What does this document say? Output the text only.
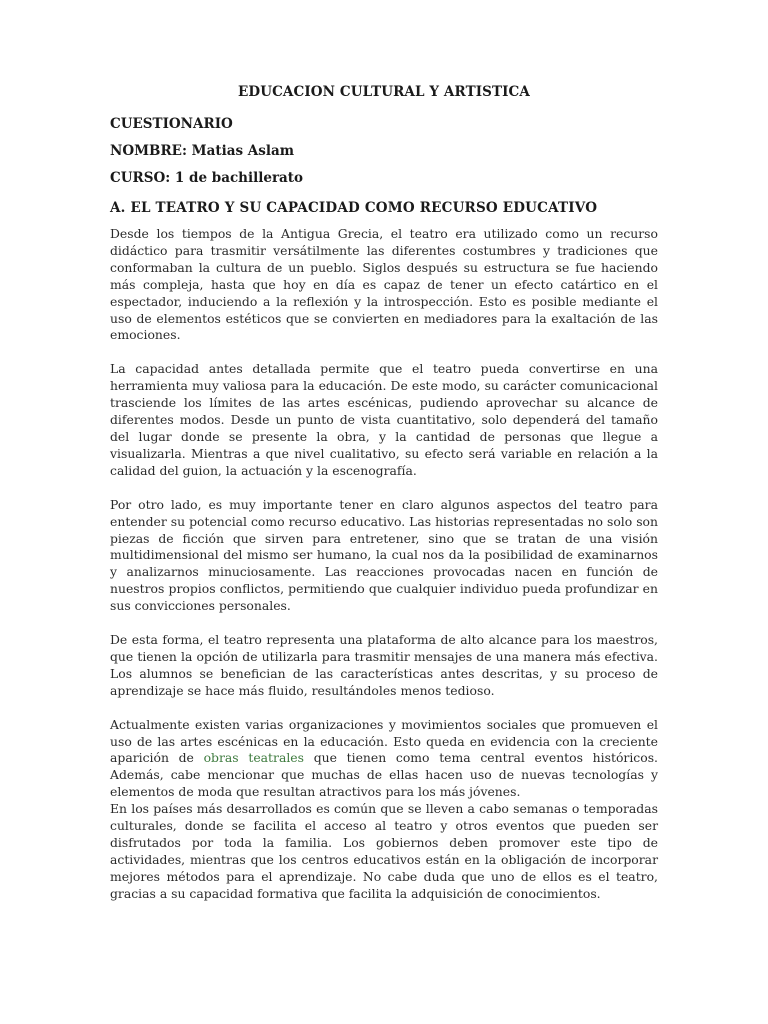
EDUCACION CULTURAL Y ARTISTICA
CUESTIONARIO
NOMBRE: Matias Aslam
CURSO: 1 de bachillerato
A. EL TEATRO Y SU CAPACIDAD COMO RECURSO EDUCATIVO

Desde los tiempos de la Antigua Grecia, el teatro era utilizado como un recurso didáctico para trasmitir versátilmente las diferentes costumbres y tradiciones que conformaban la cultura de un pueblo. Siglos después su estructura se fue haciendo más compleja, hasta que hoy en día es capaz de tener un efecto catártico en el espectador, induciendo a la reflexión y la introspección. Esto es posible mediante el uso de elementos estéticos que se convierten en mediadores para la exaltación de las emociones.

La capacidad antes detallada permite que el teatro pueda convertirse en una herramienta muy valiosa para la educación. De este modo, su carácter comunicacional trasciende los límites de las artes escénicas, pudiendo aprovechar su alcance de diferentes modos. Desde un punto de vista cuantitativo, solo dependerá del tamaño del lugar donde se presente la obra, y la cantidad de personas que llegue a visualizarla. Mientras a que nivel cualitativo, su efecto será variable en relación a la calidad del guion, la actuación y la escenografía.

Por otro lado, es muy importante tener en claro algunos aspectos del teatro para entender su potencial como recurso educativo. Las historias representadas no solo son piezas de ficción que sirven para entretener, sino que se tratan de una visión multidimensional del mismo ser humano, la cual nos da la posibilidad de examinarnos y analizarnos minuciosamente. Las reacciones provocadas nacen en función de nuestros propios conflictos, permitiendo que cualquier individuo pueda profundizar en sus convicciones personales.

De esta forma, el teatro representa una plataforma de alto alcance para los maestros, que tienen la opción de utilizarla para trasmitir mensajes de una manera más efectiva. Los alumnos se benefician de las características antes descritas, y su proceso de aprendizaje se hace más fluido, resultándoles menos tedioso.

Actualmente existen varias organizaciones y movimientos sociales que promueven el uso de las artes escénicas en la educación. Esto queda en evidencia con la creciente aparición de obras teatrales que tienen como tema central eventos históricos. Además, cabe mencionar que muchas de ellas hacen uso de nuevas tecnologías y elementos de moda que resultan atractivos para los más jóvenes.

En los países más desarrollados es común que se lleven a cabo semanas o temporadas culturales, donde se facilita el acceso al teatro y otros eventos que pueden ser disfrutados por toda la familia. Los gobiernos deben promover este tipo de actividades, mientras que los centros educativos están en la obligación de incorporar mejores métodos para el aprendizaje. No cabe duda que uno de ellos es el teatro, gracias a su capacidad formativa que facilita la adquisición de conocimientos.
